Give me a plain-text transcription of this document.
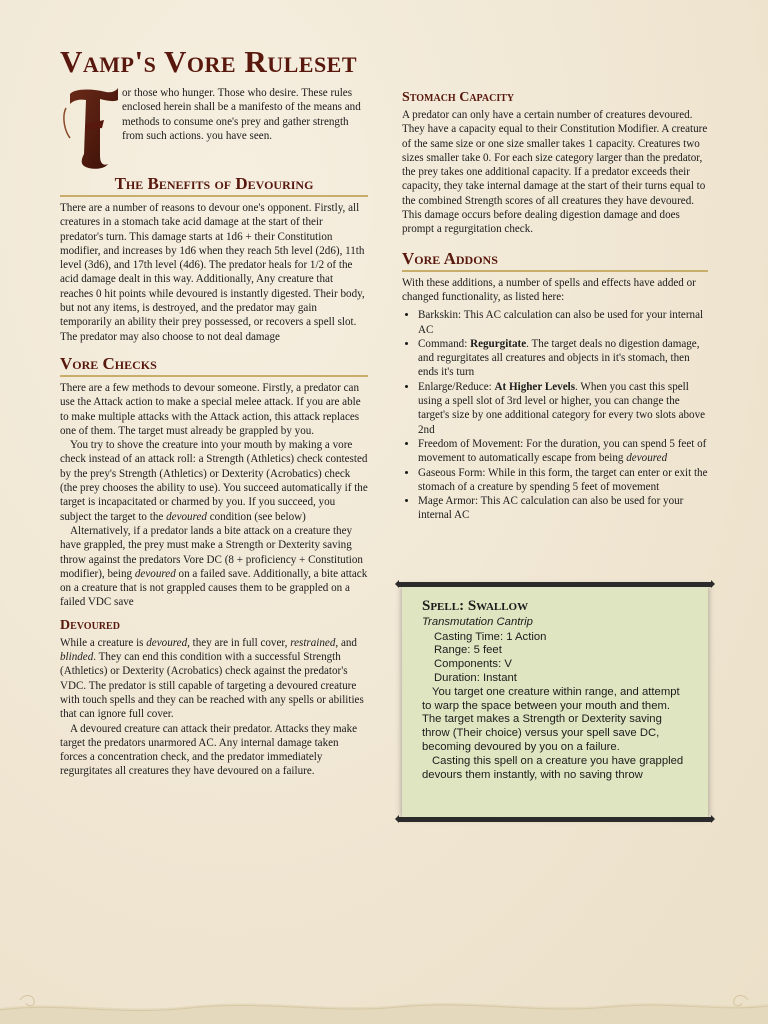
Vamp's Vore Ruleset

or those who hunger. Those who desire. These rules enclosed herein shall be a manifesto of the means and methods to consume one's prey and gather strength from such actions. you have seen.

The Benefits of Devouring

There are a number of reasons to devour one's opponent. Firstly, all creatures in a stomach take acid damage at the start of their predator's turn. This damage starts at 1d6 + their Constitution modifier, and increases by 1d6 when they reach 5th level (2d6), 11th level (3d6), and 17th level (4d6). The predator heals for 1/2 of the acid damage dealt in this way. Additionally, Any creature that reaches 0 hit points while devoured is instantly digested. Their body, but not any items, is destroyed, and the predator may gain temporarily an ability their prey possessed, or recovers a spell slot. The predator may also choose to not deal damage

Vore Checks

There are a few methods to devour someone. Firstly, a predator can use the Attack action to make a special melee attack. If you are able to make multiple attacks with the Attack action, this attack replaces one of them. The target must already be grappled by you.

You try to shove the creature into your mouth by making a vore check instead of an attack roll: a Strength (Athletics) check contested by the prey's Strength (Athletics) or Dexterity (Acrobatics) check (the prey chooses the ability to use). You succeed automatically if the target is incapacitated or charmed by you. If you succeed, you subject the target to the devoured condition (see below)

Alternatively, if a predator lands a bite attack on a creature they have grappled, the prey must make a Strength or Dexterity saving throw against the predators Vore DC (8 + proficiency + Constitution modifier), being devoured on a failed save. Additionally, a bite attack on a creature that is not grappled causes them to be grappled on a failed VDC save

Devoured

While a creature is devoured, they are in full cover, restrained, and blinded. They can end this condition with a successful Strength (Athletics) or Dexterity (Acrobatics) check against the predator's VDC. The predator is still capable of targeting a devoured creature with touch spells and they can be reached with any spells or abilities that can ignore full cover.

A devoured creature can attack their predator. Attacks they make target the predators unarmored AC. Any internal damage taken forces a concentration check, and the predator immediately regurgitates all creatures they have devoured on a failure.

Stomach Capacity

A predator can only have a certain number of creatures devoured. They have a capacity equal to their Constitution Modifier. A creature of the same size or one size smaller takes 1 capacity. Creatures two sizes smaller take 0. For each size category larger than the predator, the prey takes one additional capacity. If a predator exceeds their capacity, they take internal damage at the start of their turns equal to the combined Strength scores of all creatures they have devoured. This damage occurs before dealing digestion damage and does prompt a regurgitation check.

Vore Addons

With these additions, a number of spells and effects have added or changed functionality, as listed here:

• Barkskin: This AC calculation can also be used for your internal AC
• Command: Regurgitate. The target deals no digestion damage, and regurgitates all creatures and objects in it's stomach, then ends it's turn
• Enlarge/Reduce: At Higher Levels. When you cast this spell using a spell slot of 3rd level or higher, you can change the target's size by one additional category for every two slots above 2nd
• Freedom of Movement: For the duration, you can spend 5 feet of movement to automatically escape from being devoured
• Gaseous Form: While in this form, the target can enter or exit the stomach of a creature by spending 5 feet of movement
• Mage Armor: This AC calculation can also be used for your internal AC
Spell: Swallow
Transmutation Cantrip
Casting Time: 1 Action
Range: 5 feet
Components: V
Duration: Instant

You target one creature within range, and attempt to warp the space between your mouth and them. The target makes a Strength or Dexterity saving throw (Their choice) versus your spell save DC, becoming devoured by you on a failure.

Casting this spell on a creature you have grappled devours them instantly, with no saving throw
